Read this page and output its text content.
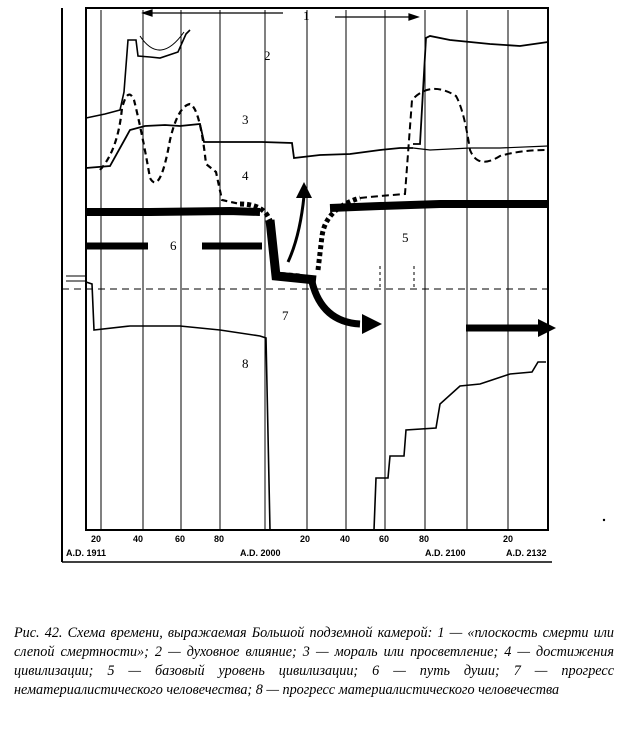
1
2
3
4
5
6
7
8
20	40	60	80	20	40	60	80	20
A.D. 1911	A.D. 2000	A.D. 2100	A.D. 2132
Рис. 42. Схема времени, выражаемая Большой подземной камерой: 1 — «плоскость смерти или слепой смертности»; 2 — духовное влияние; 3 — мораль или просветление; 4 — достижения цивилизации; 5 — базовый уровень цивилизации; 6 — путь души; 7 — прогресс нематериалистического человечества; 8 — прогресс материалистического человечества
